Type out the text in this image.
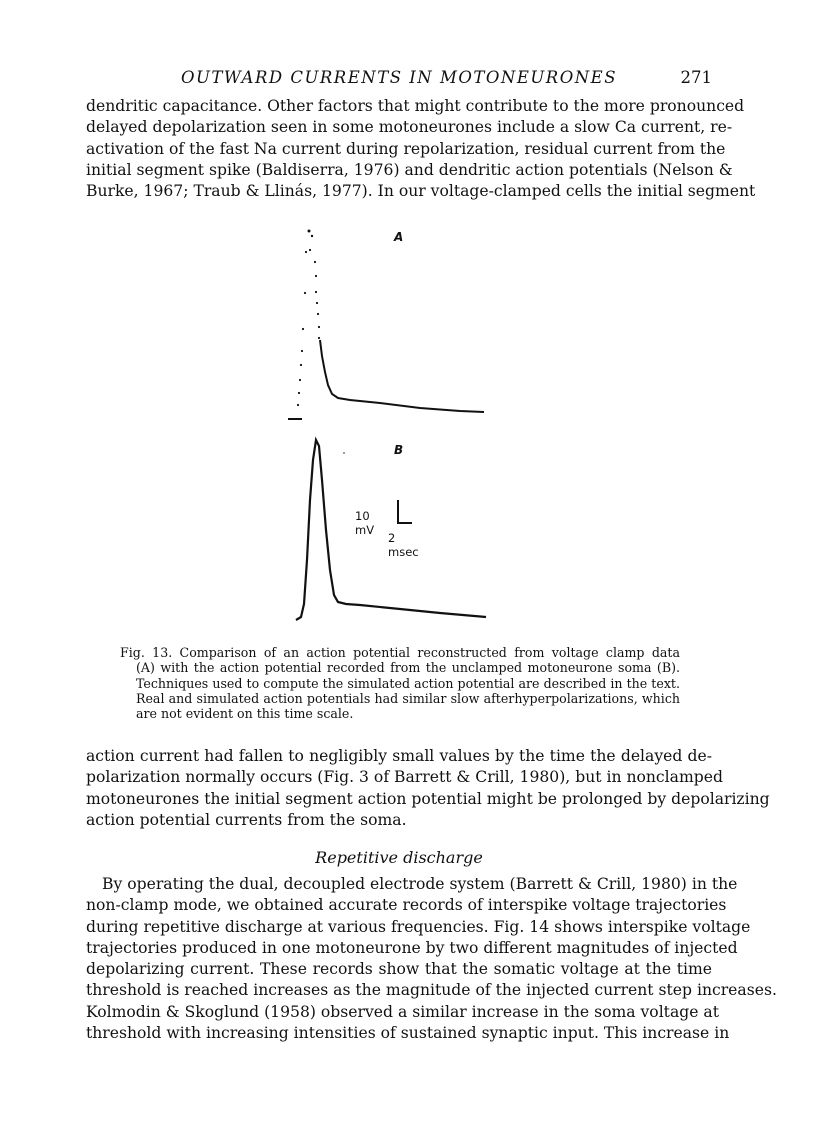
OUTWARD CURRENTS IN MOTONEURONES	271
dendritic capacitance. Other factors that might contribute to the more pronounced
delayed depolarization seen in some motoneurones include a slow Ca current, re-
activation of the fast Na current during repolarization, residual current from the
initial segment spike (Baldiserra, 1976) and dendritic action potentials (Nelson &
Burke, 1967; Traub & Llinás, 1977). In our voltage-clamped cells the initial segment
A
B
10 mV
2 msec
Fig. 13. Comparison of an action potential reconstructed from voltage clamp data
(A) with the action potential recorded from the unclamped motoneurone soma (B).
Techniques used to compute the simulated action potential are described in the text.
Real and simulated action potentials had similar slow afterhyperpolarizations, which
are not evident on this time scale.
action current had fallen to negligibly small values by the time the delayed de-
polarization normally occurs (Fig. 3 of Barrett & Crill, 1980), but in nonclamped
motoneurones the initial segment action potential might be prolonged by depolarizing
action potential currents from the soma.
Repetitive discharge
By operating the dual, decoupled electrode system (Barrett & Crill, 1980) in the
non-clamp mode, we obtained accurate records of interspike voltage trajectories
during repetitive discharge at various frequencies. Fig. 14 shows interspike voltage
trajectories produced in one motoneurone by two different magnitudes of injected
depolarizing current. These records show that the somatic voltage at the time
threshold is reached increases as the magnitude of the injected current step increases.
Kolmodin & Skoglund (1958) observed a similar increase in the soma voltage at
threshold with increasing intensities of sustained synaptic input. This increase in
